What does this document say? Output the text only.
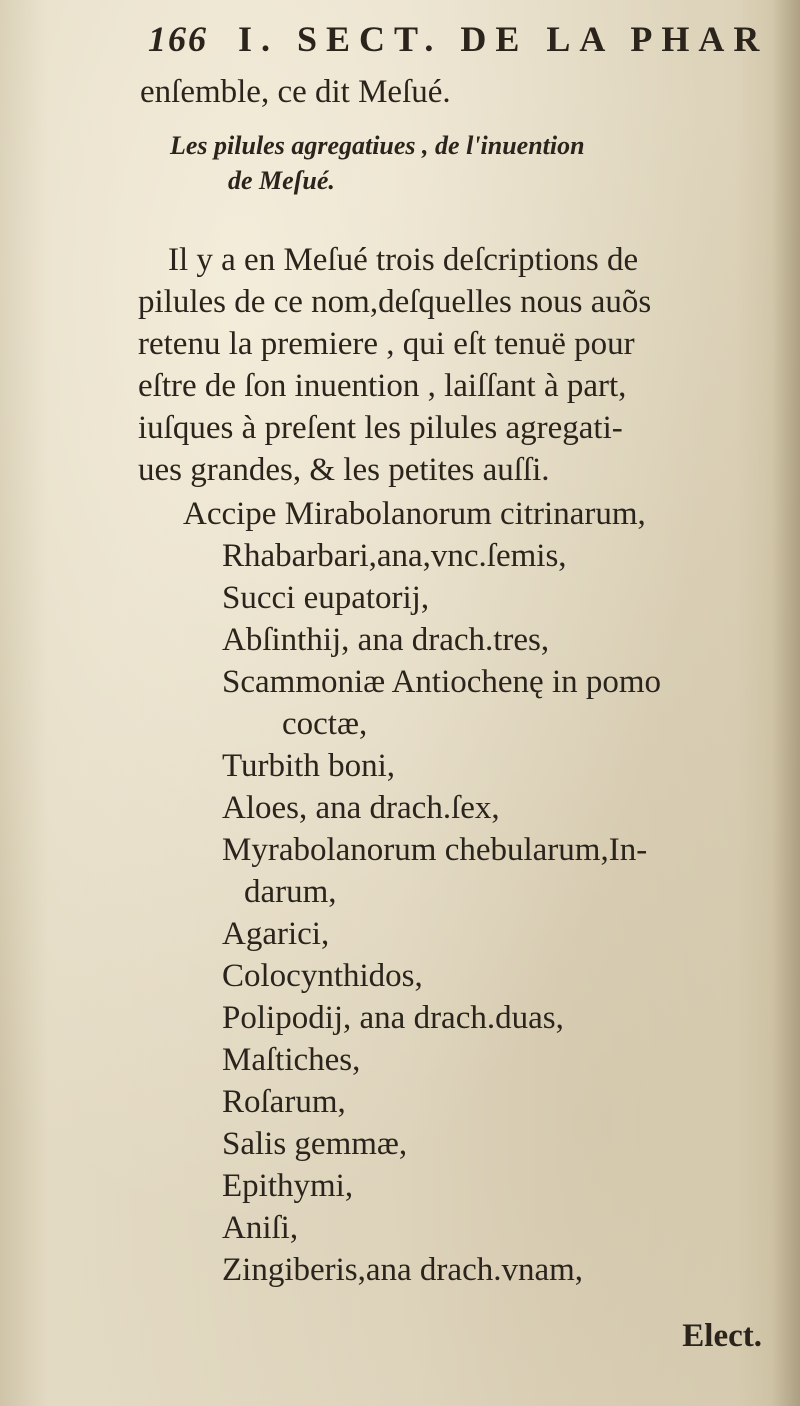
166 I. SECT. DE LA PHAR
enſemble, ce dit Meſué.
Les pilules agregatiues , de l'inuention
de Meſué.
Il y a en Meſué trois deſcriptions de
pilules de ce nom,deſquelles nous auõs
retenu la premiere , qui eſt tenuë pour
eſtre de ſon inuention , laiſſant à part,
iuſques à preſent les pilules agregati-
ues grandes, & les petites auſſi.
Accipe Mirabolanorum citrinarum,
Rhabarbari,ana,vnc.ſemis,
Succi eupatorij,
Abſinthij, ana drach.tres,
Scammoniæ Antiochenę in pomo
coctæ,
Turbith boni,
Aloes, ana drach.ſex,
Myrabolanorum chebularum,In-
darum,
Agarici,
Colocynthidos,
Polipodij, ana drach.duas,
Maſtiches,
Roſarum,
Salis gemmæ,
Epithymi,
Aniſi,
Zingiberis,ana drach.vnam,
Elect.
